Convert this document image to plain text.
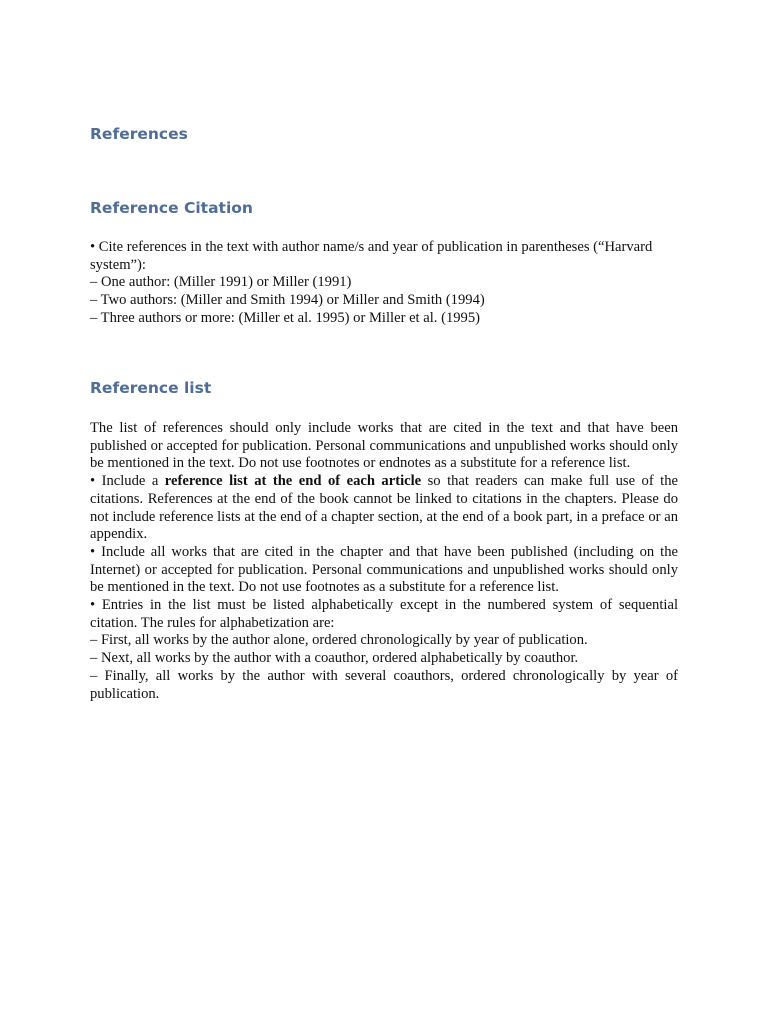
References
Reference Citation

• Cite references in the text with author name/s and year of publication in parentheses (“Harvard system”):

– One author: (Miller 1991) or Miller (1991)

– Two authors: (Miller and Smith 1994) or Miller and Smith (1994)

– Three authors or more: (Miller et al. 1995) or Miller et al. (1995)

Reference list

The list of references should only include works that are cited in the text and that have been published or accepted for publication. Personal communications and unpublished works should only be mentioned in the text. Do not use footnotes or endnotes as a substitute for a reference list.

• Include a reference list at the end of each article so that readers can make full use of the citations. References at the end of the book cannot be linked to citations in the chapters. Please do not include reference lists at the end of a chapter section, at the end of a book part, in a preface or an appendix.

• Include all works that are cited in the chapter and that have been published (including on the Internet) or accepted for publication. Personal communications and unpublished works should only be mentioned in the text. Do not use footnotes as a substitute for a reference list.

• Entries in the list must be listed alphabetically except in the numbered system of sequential citation. The rules for alphabetization are:

– First, all works by the author alone, ordered chronologically by year of publication.

– Next, all works by the author with a coauthor, ordered alphabetically by coauthor.

– Finally, all works by the author with several coauthors, ordered chronologically by year of publication.
